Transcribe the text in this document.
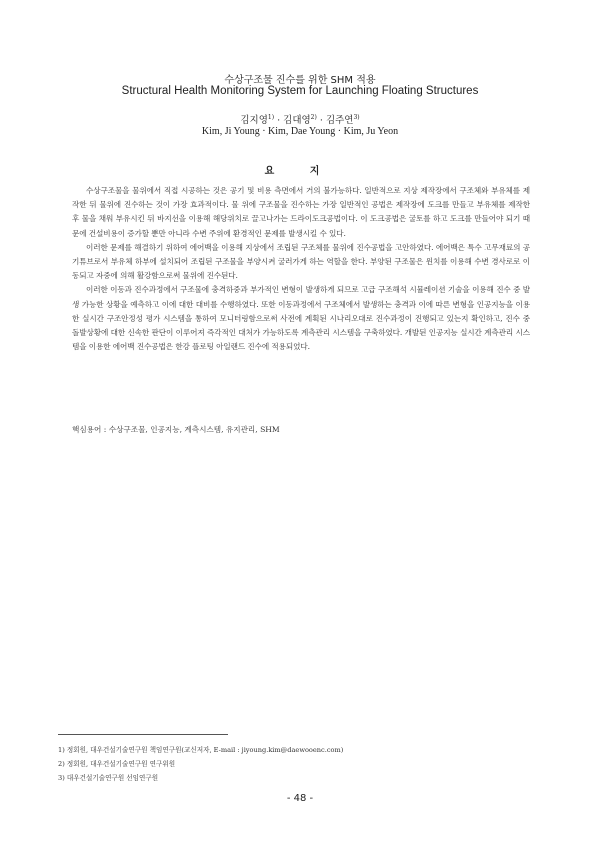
수상구조물 진수를 위한 SHM 적용
Structural Health Monitoring System for Launching Floating Structures
김지영$^{1)}$ · 김대영$^{2)}$ · 김주연$^{3)}$
Kim, Ji Young · Kim, Dae Young · Kim, Ju Yeon
요 지

수상구조물을 물위에서 직접 시공하는 것은 공기 및 비용 측면에서 거의 불가능하다. 일반적으로 지상 제작장에서 구조체와 부유체를 제작한 뒤 물위에 진수하는 것이 가장 효과적이다. 물 위에 구조물을 진수하는 가장 일반적인 공법은 제작장에 도크를 만들고 부유체를 제작한 후 물을 채워 부유시킨 뒤 바지선을 이용해 해당위치로 끌고나가는 드라이도크공법이다. 이 도크공법은 굴토를 하고 도크를 만들어야 되기 때문에 건설비용이 증가할 뿐만 아니라 수변 주위에 환경적인 문제를 발생시킬 수 있다.

이러한 문제를 해결하기 위하여 에어백을 이용해 지상에서 조립된 구조체를 물위에 진수공법을 고안하였다. 에어백은 특수 고무재료의 공기튜브로서 부유체 하부에 설치되어 조립된 구조물을 부양시켜 굴러가게 하는 역할을 한다. 부양된 구조물은 윈치를 이용해 수변 경사로로 이동되고 자중에 의해 활강함으로써 물위에 진수된다.

이러한 이동과 진수과정에서 구조물에 충격하중과 부가적인 변형이 발생하게 되므로 고급 구조해석 시뮬레이션 기술을 이용해 진수 중 발생 가능한 상황을 예측하고 이에 대한 대비를 수행하였다. 또한 이동과정에서 구조체에서 발생하는 충격과 이에 따른 변형을 인공지능을 이용한 실시간 구조안정성 평가 시스템을 통하여 모니터링함으로써 사전에 계획된 시나리오대로 진수과정이 진행되고 있는지 확인하고, 진수 중 돌발상황에 대한 신속한 판단이 이루어져 즉각적인 대처가 가능하도록 계측관리 시스템을 구축하였다. 개발된 인공지능 실시간 계측관리 시스템을 이용한 에어백 진수공법은 한강 플로팅 아일랜드 진수에 적용되었다.

핵심용어 : 수상구조물, 인공지능, 계측시스템, 유지관리, SHM

1) 정회원, 대우건설기술연구원 책임연구원(교신저자, E-mail : jiyoung.kim@daewooenc.com)

2) 정회원, 대우건설기술연구원 연구위원

3) 대우건설기술연구원 선임연구원

- 48 -
